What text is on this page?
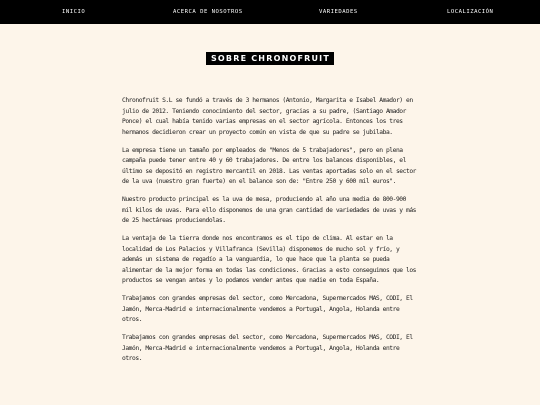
INICIO	ACERCA DE NOSOTROS	VARIEDADES	LOCALIZACIÓN
SOBRE CHRONOFRUIT

Chronofruit S.L se fundó a través de 3 hermanos (Antonio, Margarita e Isabel Amador) en julio de 2012. Teniendo conocimiento del sector, gracias a su padre, (Santiago Amador Ponce) el cual había tenido varias empresas en el sector agrícola. Entonces los tres hermanos decidieron crear un proyecto común en vista de que su padre se jubilaba.

La empresa tiene un tamaño por empleados de "Menos de 5 trabajadores", pero en plena campaña puede tener entre 40 y 60 trabajadores. De entre los balances disponibles, el último se depositó en registro mercantil en 2018. Las ventas aportadas solo en el sector de la uva (nuestro gran fuerte) en el balance son de: "Entre 250 y 600 mil euros".

Nuestro producto principal es la uva de mesa, produciendo al año una media de 800-900 mil kilos de uvas. Para ello disponemos de una gran cantidad de variedades de uvas y más de 25 hectáreas produciendolas.

La ventaja de la tierra donde nos encontramos es el tipo de clima. Al estar en la localidad de Los Palacios y Villafranca (Sevilla) disponemos de mucho sol y frío, y además un sistema de regadío a la vanguardia, lo que hace que la planta se pueda alimentar de la mejor forma en todas las condiciones. Gracias a esto conseguimos que los productos se vengan antes y lo podamos vender antes que nadie en toda España.

Trabajamos con grandes empresas del sector, como Mercadona, Supermercados MAS, CODI, El Jamón, Merca-Madrid e internacionalmente vendemos a Portugal, Angola, Holanda entre otros.

Trabajamos con grandes empresas del sector, como Mercadona, Supermercados MAS, CODI, El Jamón, Merca-Madrid e internacionalmente vendemos a Portugal, Angola, Holanda entre otros.
